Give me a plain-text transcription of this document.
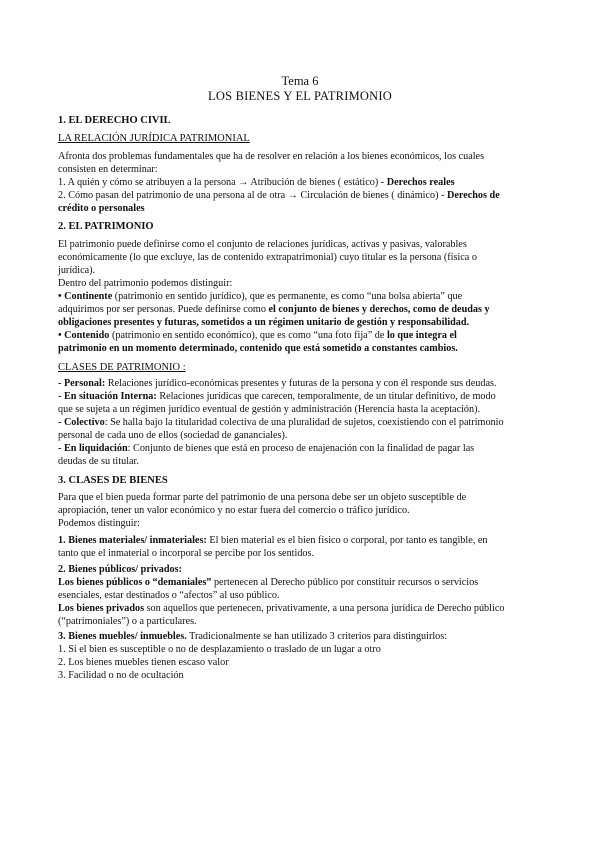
Tema 6
LOS BIENES Y EL PATRIMONIO
1. EL DERECHO CIVIL
LA RELACIÓN JURÍDICA PATRIMONIAL
Afronta dos problemas fundamentales que ha de resolver en relación a los bienes económicos, los cuales
consisten en determinar:
1. A quién y cómo se atribuyen a la persona → Atribución de bienes ( estático) - Derechos reales
2. Cómo pasan del patrimonio de una persona al de otra → Circulación de bienes ( dinámico) - Derechos de
crédito o personales
2. EL PATRIMONIO
El patrimonio puede definirse como el conjunto de relaciones jurídicas, activas y pasivas, valorables
económicamente (lo que excluye, las de contenido extrapatrimonial) cuyo titular es la persona (física o
jurídica).
Dentro del patrimonio podemos distinguir:
• Continente (patrimonio en sentido jurídico), que es permanente, es como “una bolsa abierta” que
adquirimos por ser personas. Puede definirse como el conjunto de bienes y derechos, como de deudas y
obligaciones presentes y futuras, sometidos a un régimen unitario de gestión y responsabilidad.
• Contenido (patrimonio en sentido económico), que es como “una foto fija” de lo que integra el
patrimonio en un momento determinado, contenido que está sometido a constantes cambios.
CLASES DE PATRIMONIO :
- Personal: Relaciones jurídico-económicas presentes y futuras de la persona y con él responde sus deudas.
- En situación Interna: Relaciones jurídicas que carecen, temporalmente, de un titular definitivo, de modo
que se sujeta a un régimen jurídico eventual de gestión y administración (Herencia hasta la aceptación).
- Colectivo: Se halla bajo la titularidad colectiva de una pluralidad de sujetos, coexistiendo con el patrimonio
personal de cada uno de ellos (sociedad de gananciales).
- En liquidación: Conjunto de bienes que está en proceso de enajenación con la finalidad de pagar las
deudas de su titular.
3. CLASES DE BIENES
Para que el bien pueda formar parte del patrimonio de una persona debe ser un objeto susceptible de
apropiación, tener un valor económico y no estar fuera del comercio o tráfico jurídico.
Podemos distinguir:
1. Bienes materiales/ inmateriales: El bien material es el bien físico o corporal, por tanto es tangible, en
tanto que el inmaterial o incorporal se percibe por los sentidos.
2. Bienes públicos/ privados:
Los bienes públicos o “demaniales” pertenecen al Derecho público por constituir recursos o servicios
esenciales, estar destinados o “afectos” al uso público.
Los bienes privados son aquellos que pertenecen, privativamente, a una persona jurídica de Derecho público
(“patrimoniales”) o a particulares.
3. Bienes muebles/ inmuebles. Tradicionalmente se han utilizado 3 criterios para distinguirlos:
1. Si el bien es susceptible o no de desplazamiento o traslado de un lugar a otro
2. Los bienes muebles tienen escaso valor
3. Facilidad o no de ocultación
